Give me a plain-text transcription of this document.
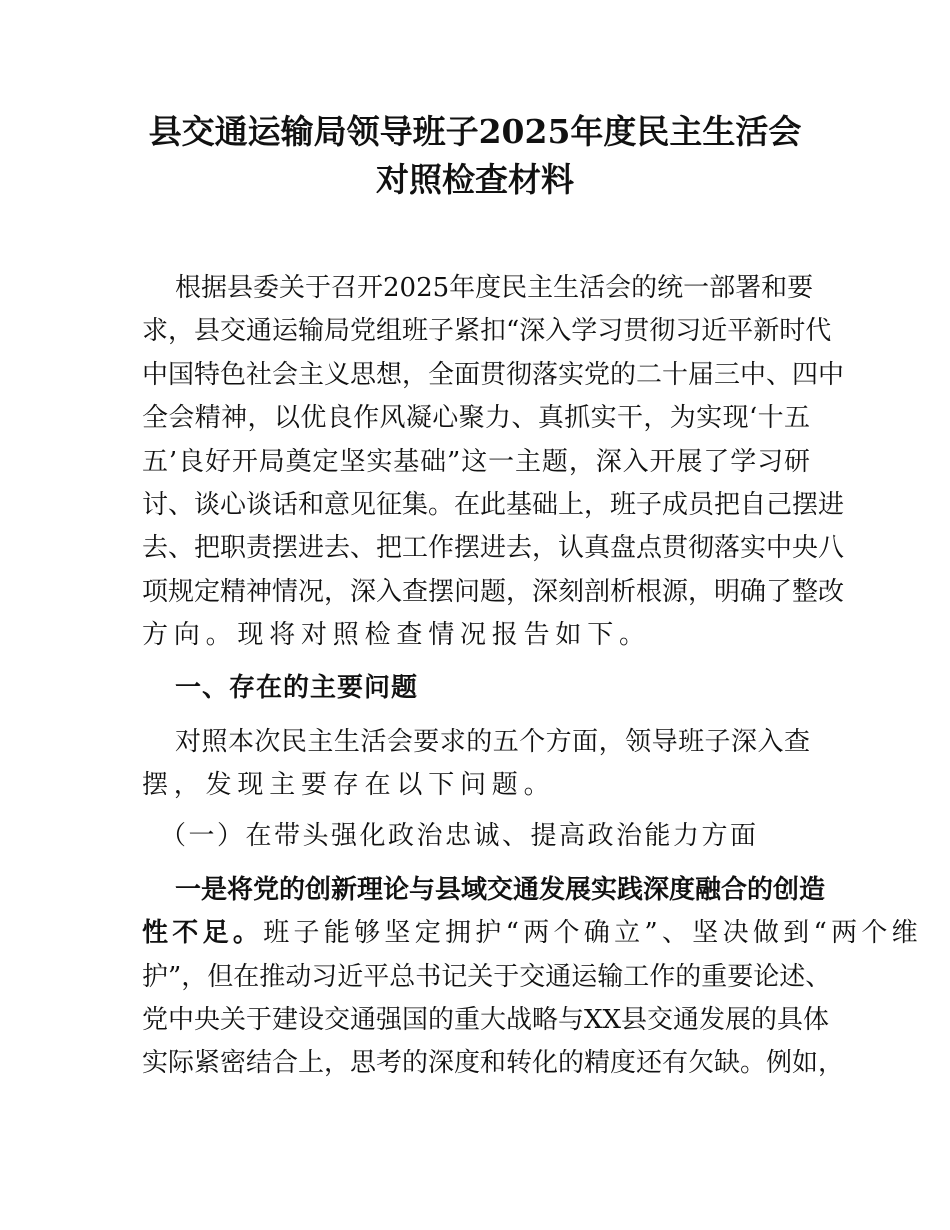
县交通运输局领导班子2025年度民主生活会
对照检查材料
根据县委关于召开2025年度民主生活会的统一部署和要
求，县交通运输局党组班子紧扣“深入学习贯彻习近平新时代
中国特色社会主义思想，全面贯彻落实党的二十届三中、四中
全会精神，以优良作风凝心聚力、真抓实干，为实现‘十五
五’良好开局奠定坚实基础”这一主题，深入开展了学习研
讨、谈心谈话和意见征集。在此基础上，班子成员把自己摆进
去、把职责摆进去、把工作摆进去，认真盘点贯彻落实中央八
项规定精神情况，深入查摆问题，深刻剖析根源，明确了整改
方向。现将对照检查情况报告如下。
一、存在的主要问题
对照本次民主生活会要求的五个方面，领导班子深入查
摆，发现主要存在以下问题。
（一）在带头强化政治忠诚、提高政治能力方面
一是将党的创新理论与县域交通发展实践深度融合的创造
性不足。班子能够坚定拥护“两个确立”、坚决做到“两个维
护”，但在推动习近平总书记关于交通运输工作的重要论述、
党中央关于建设交通强国的重大战略与XX县交通发展的具体
实际紧密结合上，思考的深度和转化的精度还有欠缺。例如，
